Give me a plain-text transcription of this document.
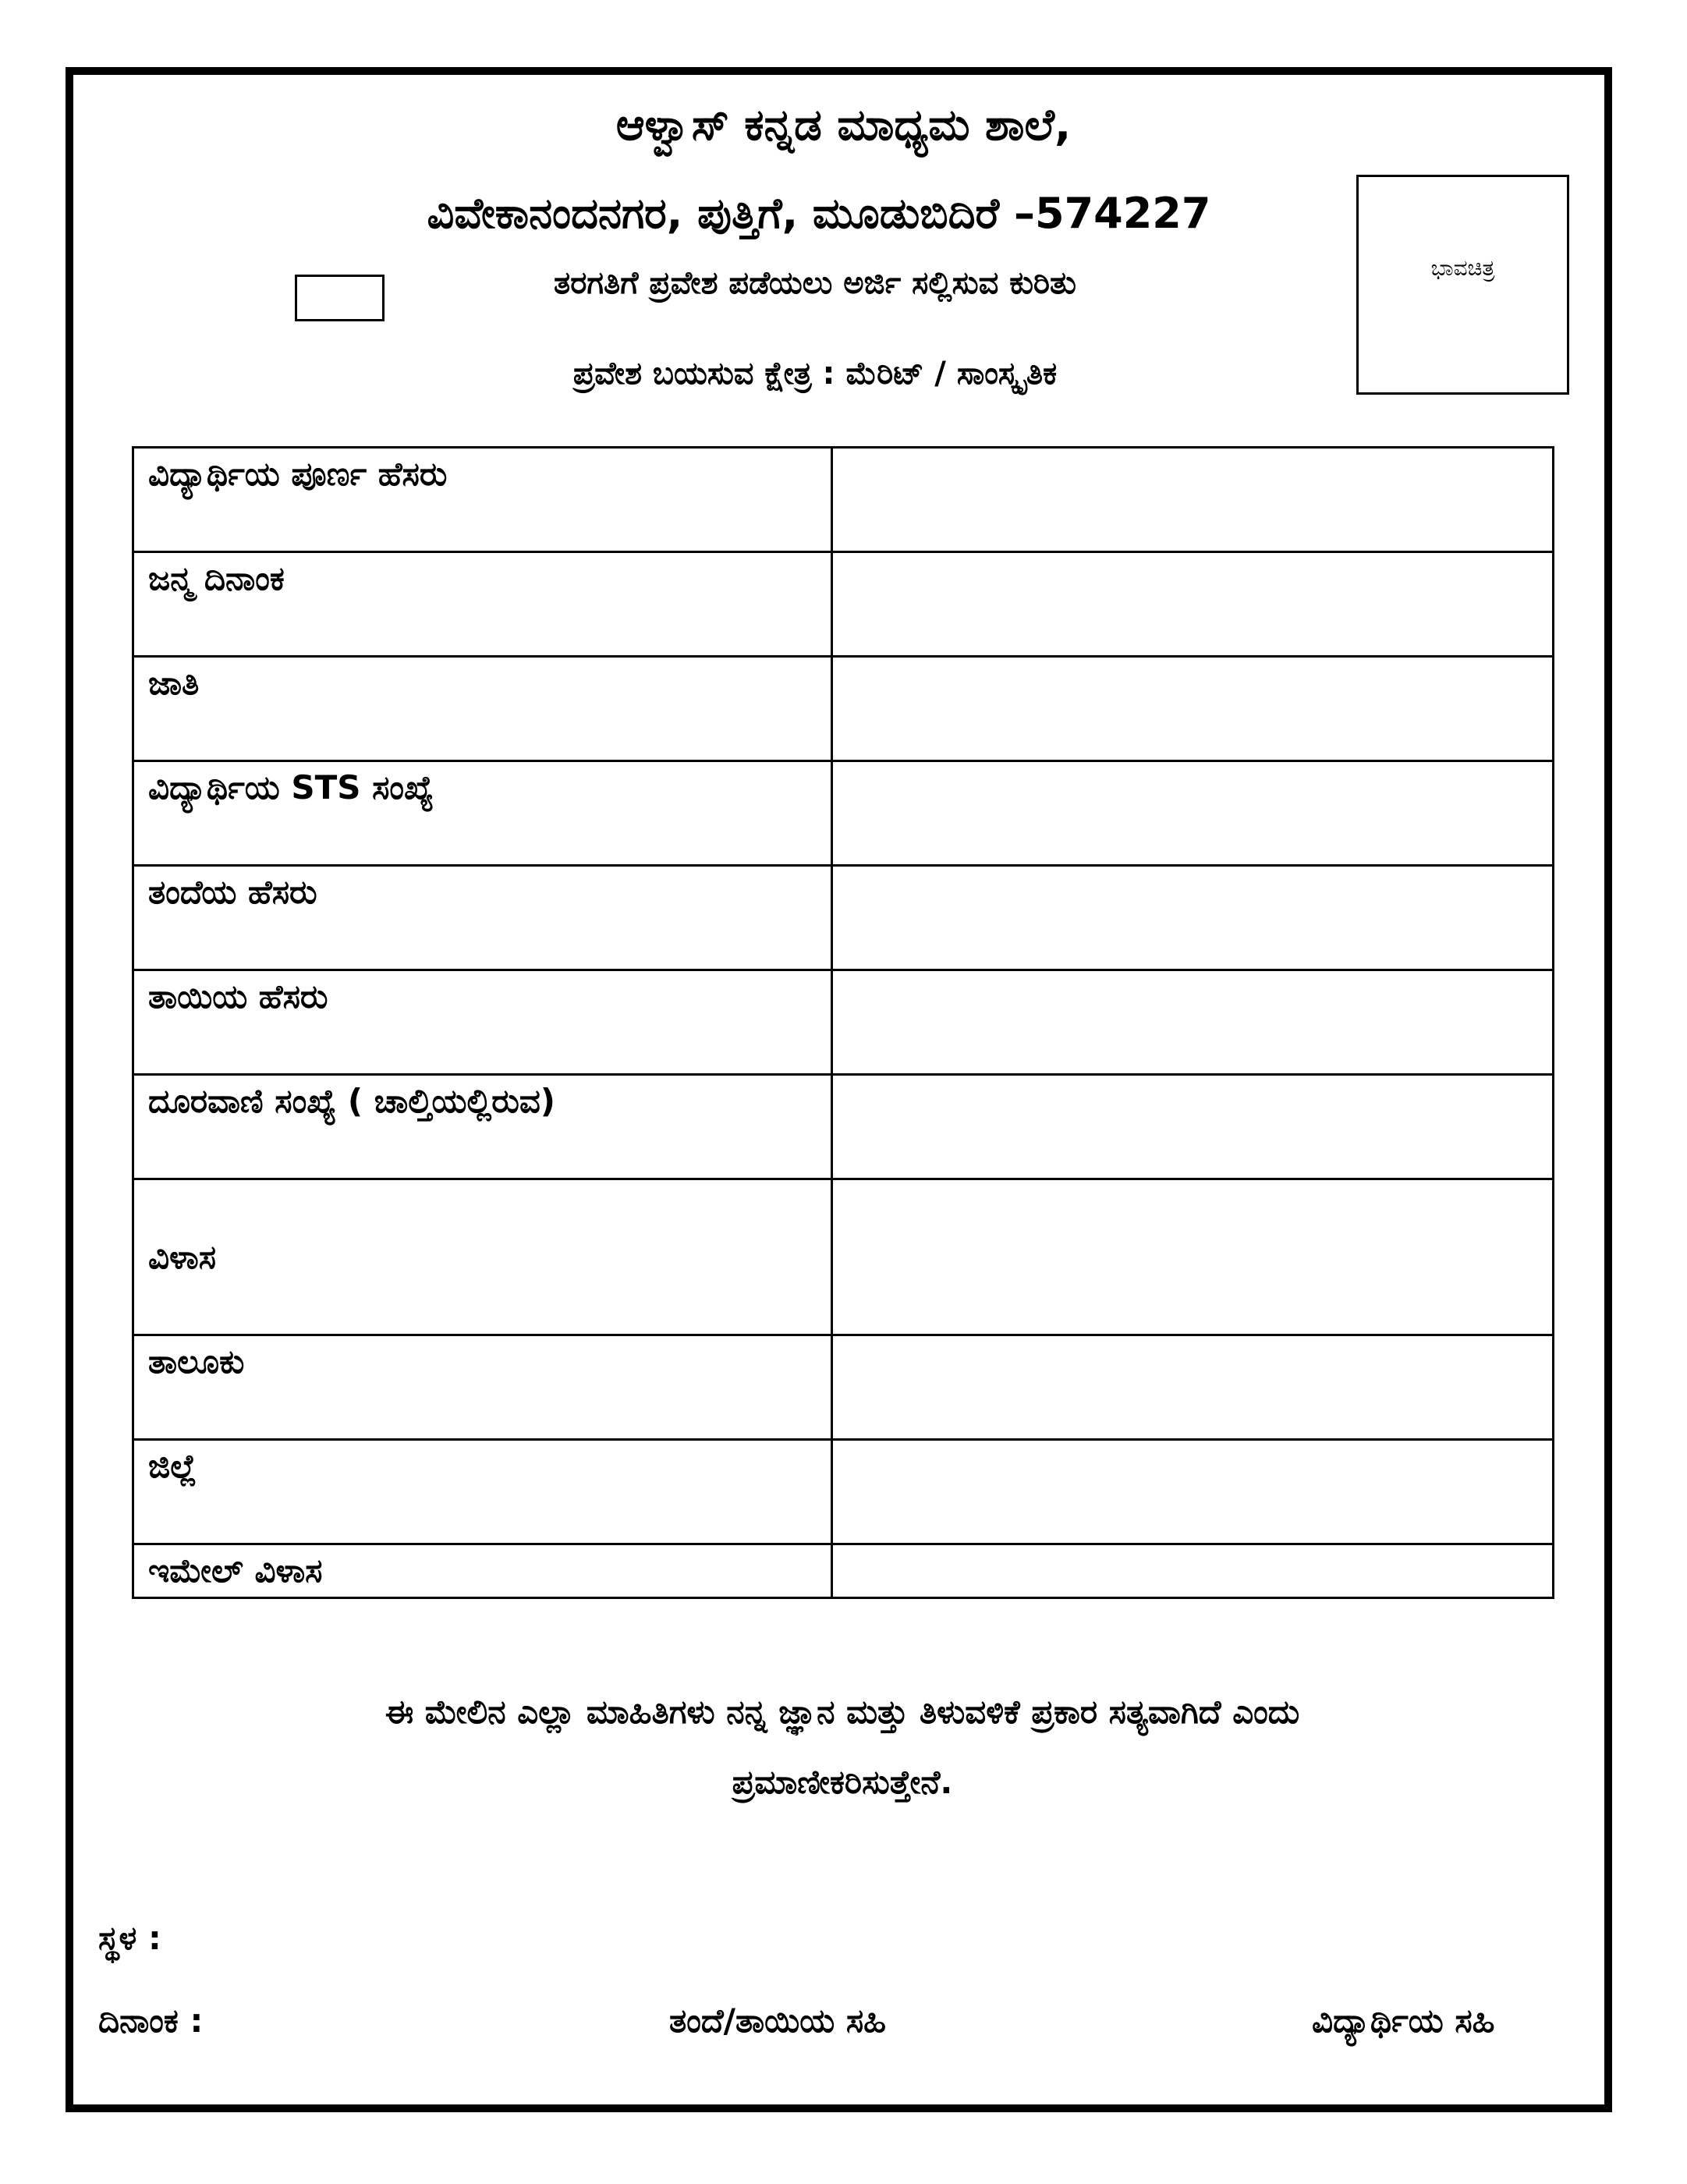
ಆಳ್ವಾಸ್ ಕನ್ನಡ ಮಾಧ್ಯಮ ಶಾಲೆ,
ವಿವೇಕಾನಂದನಗರ, ಪುತ್ತಿಗೆ, ಮೂಡುಬಿದಿರೆ –574227
ತರಗತಿಗೆ ಪ್ರವೇಶ ಪಡೆಯಲು ಅರ್ಜಿ ಸಲ್ಲಿಸುವ ಕುರಿತು
ಪ್ರವೇಶ ಬಯಸುವ ಕ್ಷೇತ್ರ : ಮೆರಿಟ್ / ಸಾಂಸ್ಕೃತಿಕ
ಭಾವಚಿತ್ರ
ವಿದ್ಯಾರ್ಥಿಯ ಪೂರ್ಣ ಹೆಸರು	
ಜನ್ಮ ದಿನಾಂಕ	
ಜಾತಿ	
ವಿದ್ಯಾರ್ಥಿಯ STS ಸಂಖ್ಯೆ	
ತಂದೆಯ ಹೆಸರು	
ತಾಯಿಯ ಹೆಸರು	
ದೂರವಾಣಿ ಸಂಖ್ಯೆ ( ಚಾಲ್ತಿಯಲ್ಲಿರುವ)	
ವಿಳಾಸ	
ತಾಲೂಕು	
ಜಿಲ್ಲೆ	
ಇಮೇಲ್ ವಿಳಾಸ	
ಈ ಮೇಲಿನ ಎಲ್ಲಾ ಮಾಹಿತಿಗಳು ನನ್ನ ಜ್ಞಾನ ಮತ್ತು ತಿಳುವಳಿಕೆ ಪ್ರಕಾರ ಸತ್ಯವಾಗಿದೆ ಎಂದು
ಪ್ರಮಾಣೀಕರಿಸುತ್ತೇನೆ.
ಸ್ಥಳ :
ದಿನಾಂಕ :	ತಂದೆ/ತಾಯಿಯ ಸಹಿ	ವಿದ್ಯಾರ್ಥಿಯ ಸಹಿ
